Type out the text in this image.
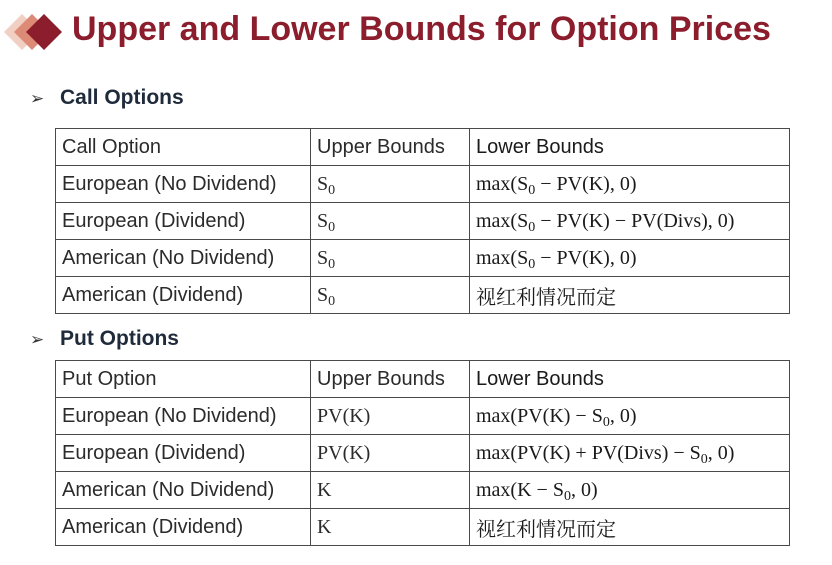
Upper and Lower Bounds for Option Prices
➢ Call Options
Call Option	Upper Bounds	Lower Bounds
European (No Dividend)	$S_0$	$\max(S_0 - PV(K)$, 0)
European (Dividend)	$S_0$	$\max(S_0 - PV(K)$ − PV(Divs), 0)
American (No Dividend)	$S_0$	$\max(S_0 - PV(K)$, 0)
American (Dividend)	$S_0$	视红利情况而定
➢ Put Options
Put Option	Upper Bounds	Lower Bounds
European (No Dividend)	PV(K)	$\max(PV(K) - S_0$, 0)
European (Dividend)	PV(K)	max(PV(K) + PV(Divs) − $S_0$, 0)
American (No Dividend)	K	$\max(K - S_0$, 0)
American (Dividend)	K	视红利情况而定
